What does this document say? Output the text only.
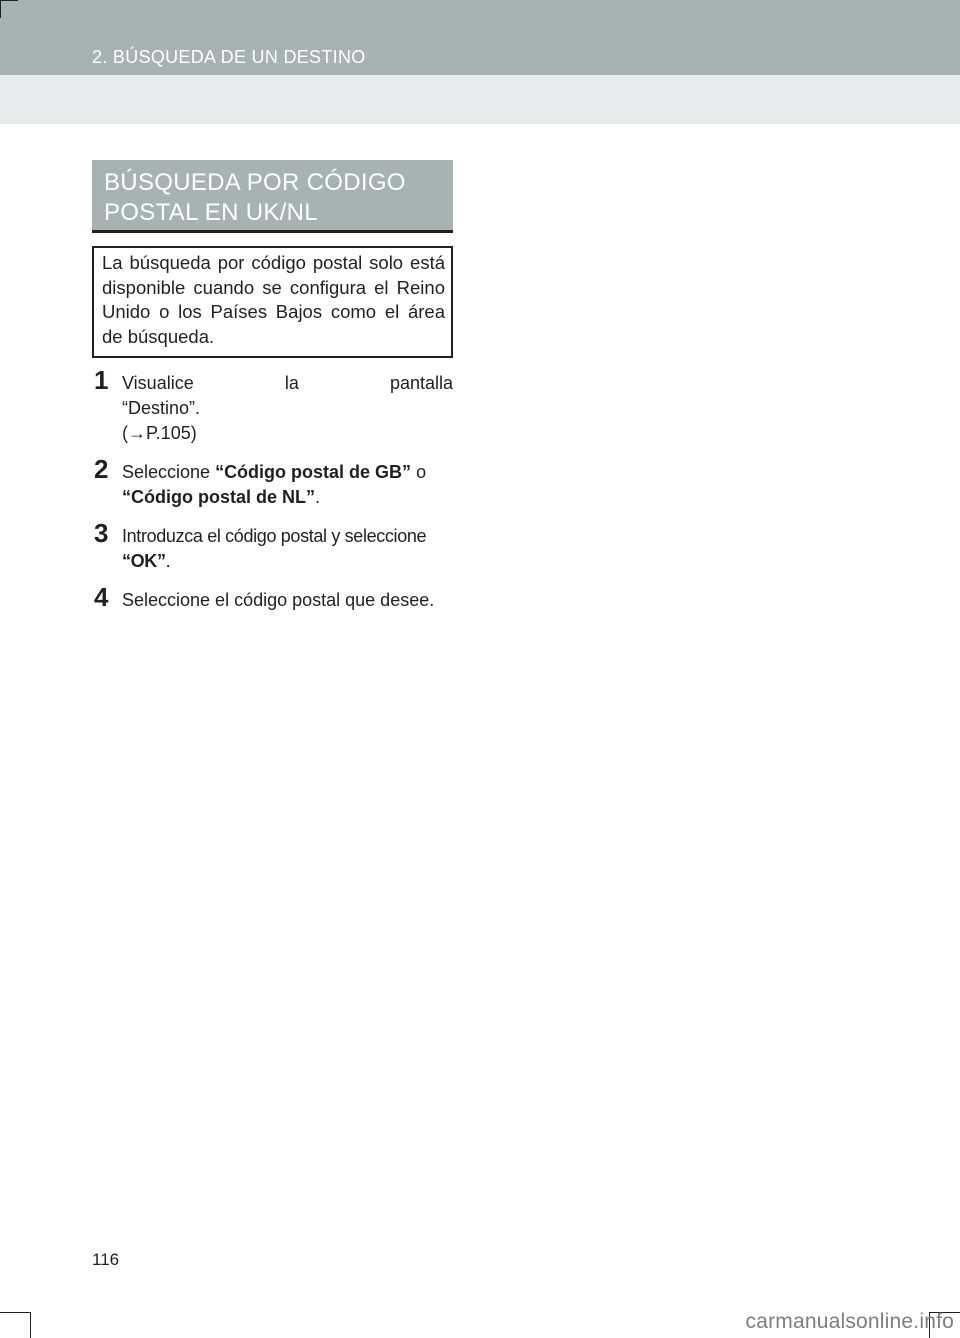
2. BÚSQUEDA DE UN DESTINO
BÚSQUEDA POR CÓDIGO
POSTAL EN UK/NL
La búsqueda por código postal solo está disponible cuando se configura el Reino Unido o los Países Bajos como el área de búsqueda.
1 Visualice la pantalla “Destino”.
(→P.105)
2 Seleccione “Código postal de GB” o
“Código postal de NL”.
3 Introduzca el código postal y seleccione
“OK”.
4 Seleccione el código postal que desee.
116
carmanualsonline.info
